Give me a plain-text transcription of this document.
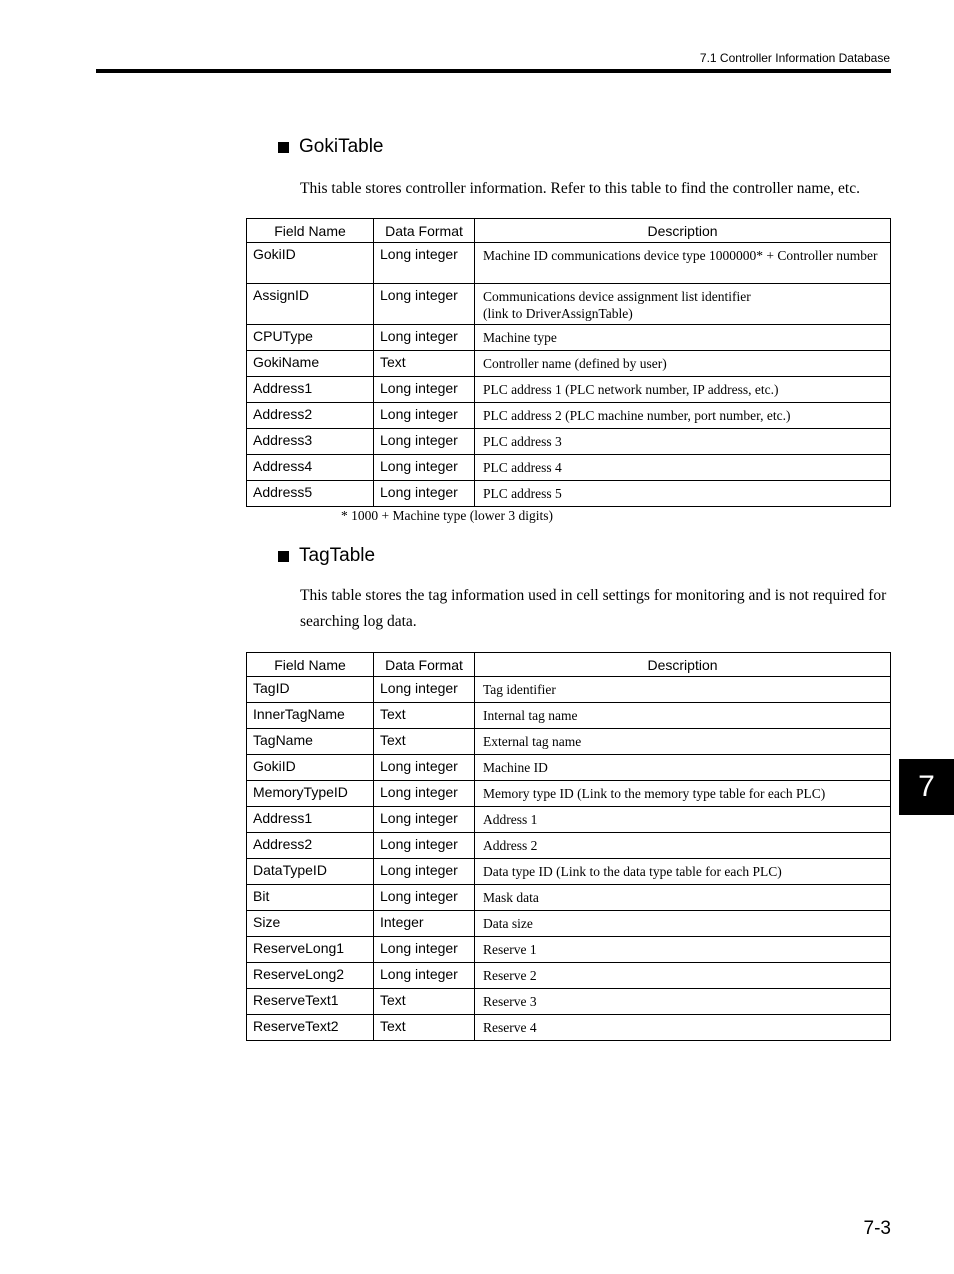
7.1 Controller Information Database
GokiTable
This table stores controller information. Refer to this table to find the controller name, etc.
Field Name	Data Format	Description
GokiID	Long integer	Machine ID communications device type 1000000* + Controller number
AssignID	Long integer	Communications device assignment list identifier
(link to DriverAssignTable)
CPUType	Long integer	Machine type
GokiName	Text	Controller name (defined by user)
Address1	Long integer	PLC address 1 (PLC network number, IP address, etc.)
Address2	Long integer	PLC address 2 (PLC machine number, port number, etc.)
Address3	Long integer	PLC address 3
Address4	Long integer	PLC address 4
Address5	Long integer	PLC address 5
* 1000 + Machine type (lower 3 digits)
TagTable
This table stores the tag information used in cell settings for monitoring and is not required for searching log data.
Field Name	Data Format	Description
TagID	Long integer	Tag identifier
InnerTagName	Text	Internal tag name
TagName	Text	External tag name
GokiID	Long integer	Machine ID
MemoryTypeID	Long integer	Memory type ID (Link to the memory type table for each PLC)
Address1	Long integer	Address 1
Address2	Long integer	Address 2
DataTypeID	Long integer	Data type ID (Link to the data type table for each PLC)
Bit	Long integer	Mask data
Size	Integer	Data size
ReserveLong1	Long integer	Reserve 1
ReserveLong2	Long integer	Reserve 2
ReserveText1	Text	Reserve 3
ReserveText2	Text	Reserve 4
7
7-3
